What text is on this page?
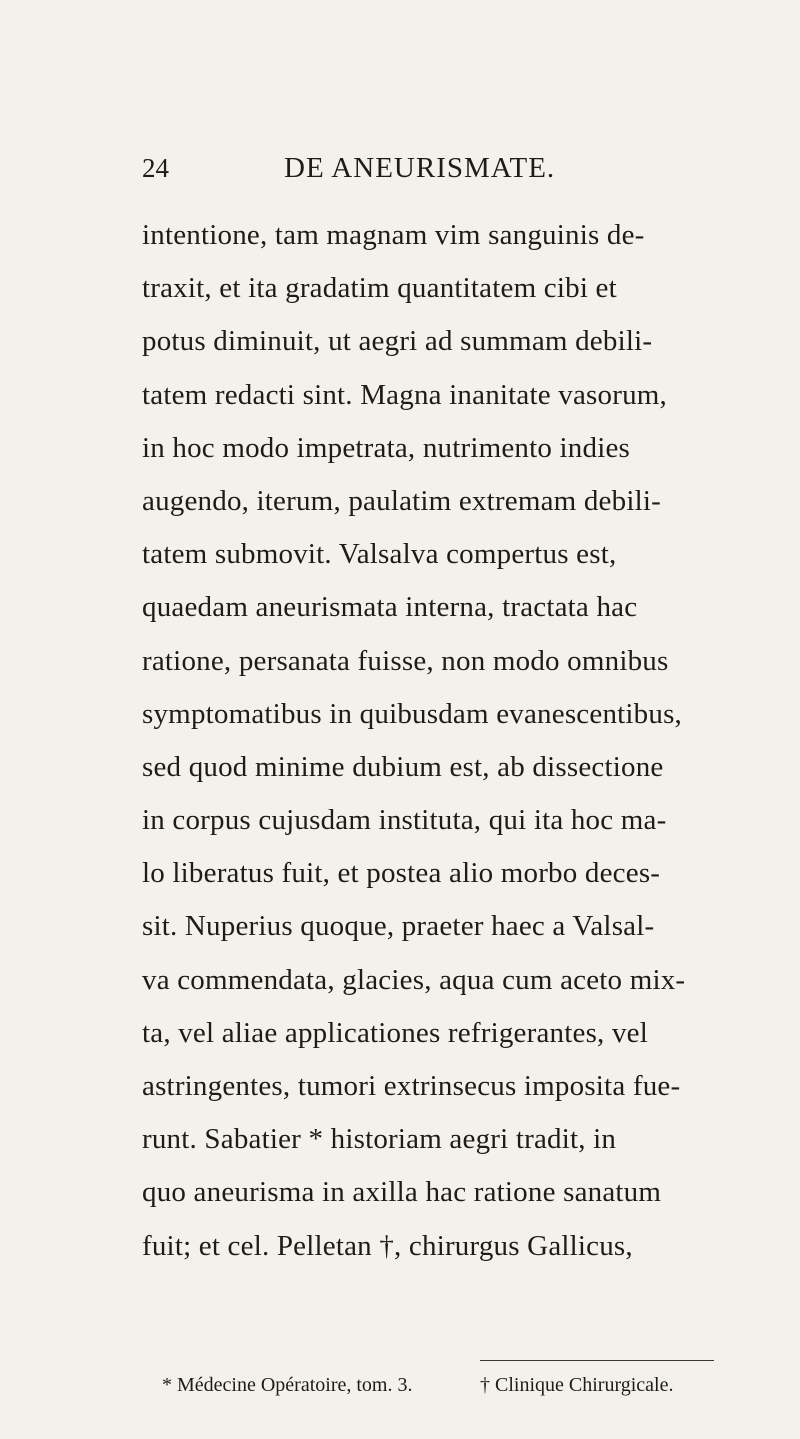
24	DE ANEURISMATE.
intentione, tam magnam vim sanguinis de-
traxit, et ita gradatim quantitatem cibi et
potus diminuit, ut aegri ad summam debili-
tatem redacti sint. Magna inanitate vasorum,
in hoc modo impetrata, nutrimento indies
augendo, iterum, paulatim extremam debili-
tatem submovit. Valsalva compertus est,
quaedam aneurismata interna, tractata hac
ratione, persanata fuisse, non modo omnibus
symptomatibus in quibusdam evanescentibus,
sed quod minime dubium est, ab dissectione
in corpus cujusdam instituta, qui ita hoc ma-
lo liberatus fuit, et postea alio morbo deces-
sit. Nuperius quoque, praeter haec a Valsal-
va commendata, glacies, aqua cum aceto mix-
ta, vel aliae applicationes refrigerantes, vel
astringentes, tumori extrinsecus imposita fue-
runt. Sabatier * historiam aegri tradit, in
quo aneurisma in axilla hac ratione sanatum
fuit; et cel. Pelletan †, chirurgus Gallicus,
* Médecine Opératoire, tom. 3.	† Clinique Chirurgicale.
